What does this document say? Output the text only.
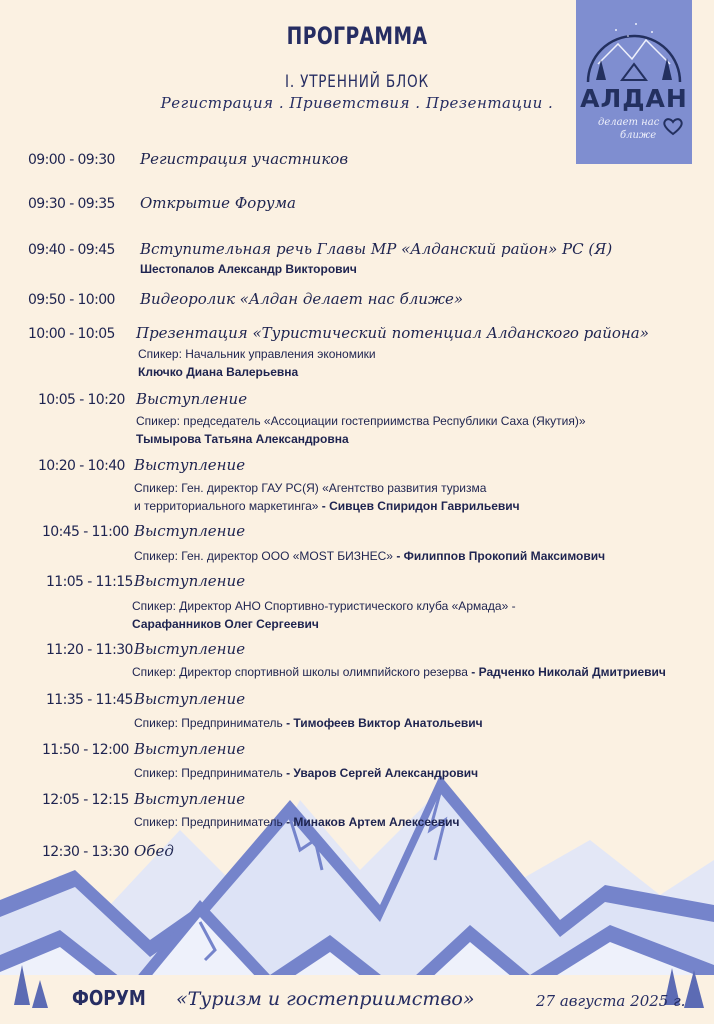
АЛДАН
делает нас
ближе
ПРОГРАММА
I. УТРЕННИЙ БЛОК
Регистрация . Приветствия . Презентации .
09:00 - 09:30 Регистрация участников
09:30 - 09:35 Открытие Форума
09:40 - 09:45 Вступительная речь Главы МР «Алданский район» РС (Я)
Шестопалов Александр Викторович
09:50 - 10:00 Видеоролик «Алдан делает нас ближе»
10:00 - 10:05 Презентация «Туристический потенциал Алданского района»
Спикер: Начальник управления экономики
Ключко Диана Валерьевна
10:05 - 10:20 Выступление
Спикер: председатель «Ассоциации гостеприимства Республики Саха (Якутия)»
Тымырова Татьяна Александровна
10:20 - 10:40 Выступление
Спикер: Ген. директор ГАУ РС(Я) «Агентство развития туризма
и территориального маркетинга» - Сивцев Спиридон Гаврильевич
10:45 - 11:00 Выступление
Спикер: Ген. директор ООО «MOST БИЗНЕС» - Филиппов Прокопий Максимович
11:05 - 11:15 Выступление
Спикер: Директор АНО Спортивно-туристического клуба «Армада» -
Сарафанников Олег Сергеевич
11:20 - 11:30 Выступление
Спикер: Директор спортивной школы олимпийского резерва - Радченко Николай Дмитриевич
11:35 - 11:45 Выступление
Спикер: Предприниматель - Тимофеев Виктор Анатольевич
11:50 - 12:00 Выступление
Спикер: Предприниматель - Уваров Сергей Александрович
12:05 - 12:15 Выступление
Спикер: Предприниматель - Минаков Артем Алексеевич
12:30 - 13:30 Обед
ФОРУМ «Туризм и гостеприимство»	27 августа 2025 г.
